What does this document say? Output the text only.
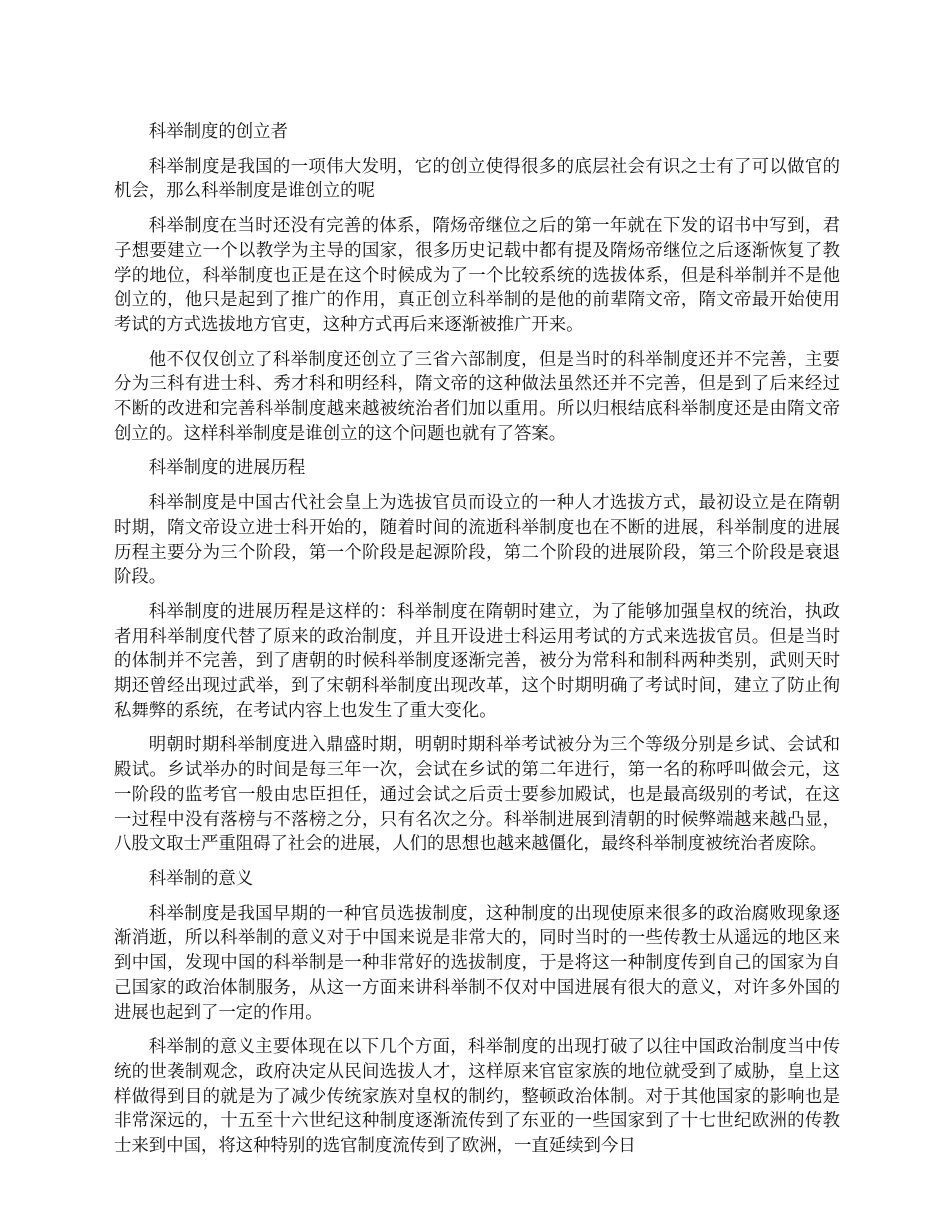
科举制度的创立者

科举制度是我国的一项伟大发明，它的创立使得很多的底层社会有识之士有了可以做官的机会，那么科举制度是谁创立的呢

科举制度在当时还没有完善的体系，隋炀帝继位之后的第一年就在下发的诏书中写到，君子想要建立一个以教学为主导的国家，很多历史记载中都有提及隋炀帝继位之后逐渐恢复了教学的地位，科举制度也正是在这个时候成为了一个比较系统的选拔体系，但是科举制并不是他创立的，他只是起到了推广的作用，真正创立科举制的是他的前辈隋文帝，隋文帝最开始使用考试的方式选拔地方官吏，这种方式再后来逐渐被推广开来。

他不仅仅创立了科举制度还创立了三省六部制度，但是当时的科举制度还并不完善，主要分为三科有进士科、秀才科和明经科，隋文帝的这种做法虽然还并不完善，但是到了后来经过不断的改进和完善科举制度越来越被统治者们加以重用。所以归根结底科举制度还是由隋文帝创立的。这样科举制度是谁创立的这个问题也就有了答案。

科举制度的进展历程

科举制度是中国古代社会皇上为选拔官员而设立的一种人才选拔方式，最初设立是在隋朝时期，隋文帝设立进士科开始的，随着时间的流逝科举制度也在不断的进展，科举制度的进展历程主要分为三个阶段，第一个阶段是起源阶段，第二个阶段的进展阶段，第三个阶段是衰退阶段。

科举制度的进展历程是这样的：科举制度在隋朝时建立，为了能够加强皇权的统治，执政者用科举制度代替了原来的政治制度，并且开设进士科运用考试的方式来选拔官员。但是当时的体制并不完善，到了唐朝的时候科举制度逐渐完善，被分为常科和制科两种类别，武则天时期还曾经出现过武举，到了宋朝科举制度出现改革，这个时期明确了考试时间，建立了防止徇私舞弊的系统，在考试内容上也发生了重大变化。

明朝时期科举制度进入鼎盛时期，明朝时期科举考试被分为三个等级分别是乡试、会试和殿试。乡试举办的时间是每三年一次，会试在乡试的第二年进行，第一名的称呼叫做会元，这一阶段的监考官一般由忠臣担任，通过会试之后贡士要参加殿试，也是最高级别的考试，在这一过程中没有落榜与不落榜之分，只有名次之分。科举制进展到清朝的时候弊端越来越凸显，八股文取士严重阻碍了社会的进展，人们的思想也越来越僵化，最终科举制度被统治者废除。

科举制的意义

科举制度是我国早期的一种官员选拔制度，这种制度的出现使原来很多的政治腐败现象逐渐消逝，所以科举制的意义对于中国来说是非常大的，同时当时的一些传教士从遥远的地区来到中国，发现中国的科举制是一种非常好的选拔制度，于是将这一种制度传到自己的国家为自己国家的政治体制服务，从这一方面来讲科举制不仅对中国进展有很大的意义，对许多外国的进展也起到了一定的作用。

科举制的意义主要体现在以下几个方面，科举制度的出现打破了以往中国政治制度当中传统的世袭制观念，政府决定从民间选拔人才，这样原来官宦家族的地位就受到了威胁，皇上这样做得到目的就是为了减少传统家族对皇权的制约，整顿政治体制。对于其他国家的影响也是非常深远的，十五至十六世纪这种制度逐渐流传到了东亚的一些国家到了十七世纪欧洲的传教士来到中国，将这种特别的选官制度流传到了欧洲，一直延续到今日
